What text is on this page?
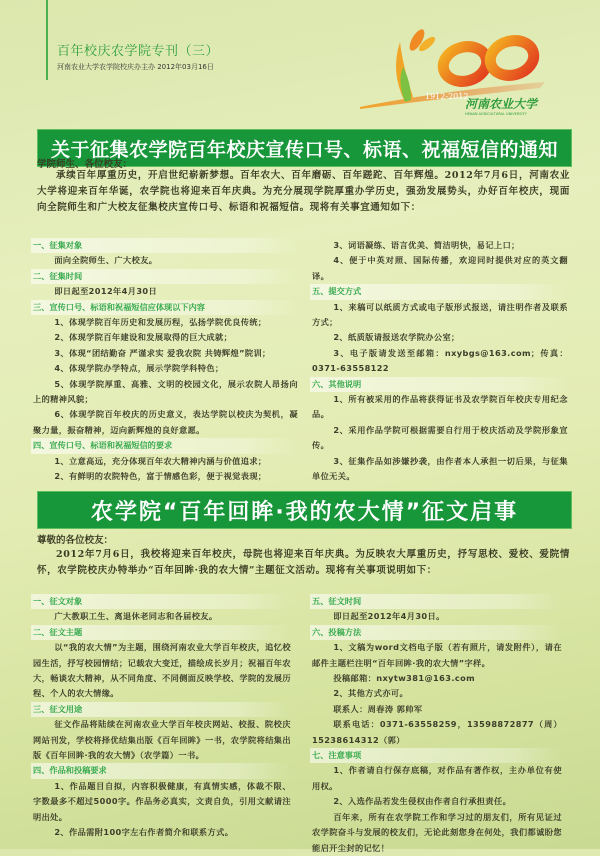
百年校庆农学院专刊（三）
河南农业大学农学院校庆办主办 2012年03月16日
1912-2012
河南农业大学
HENAN AGRICULTURAL UNIVERSITY
关于征集农学院百年校庆宣传口号、标语、祝福短信的通知
学院师生、各位校友：
承续百年厚重历史，开启世纪崭新梦想。百年农大、百年磨砺、百年蹉跎、百年辉煌。2012年7月6日，河南农业大学将迎来百年华诞，农学院也将迎来百年庆典。为充分展现学院厚重办学历史，强劲发展势头，办好百年校庆，现面向全院师生和广大校友征集校庆宣传口号、标语和祝福短信。现将有关事宜通知如下：
一、征集对象
面向全院师生、广大校友。
二、征集时间
即日起至2012年4月30日
三、宣传口号、标语和祝福短信应体现以下内容
1、体现学院百年历史和发展历程，弘扬学院优良传统；
2、体现学院百年建设和发展取得的巨大成就；
3、体现“团结勤奋 严谨求实 爱我农院 共铸辉煌”院训；
4、体现学院办学特点，展示学院学科特色；
5、体现学院厚重、高雅、文明的校园文化，展示农院人昂扬向上的精神风貌；
6、体现学院百年校庆的历史意义，表达学院以校庆为契机，凝聚力量，振奋精神，迈向新辉煌的良好意愿。
四、宣传口号、标语和祝福短信的要求
1、立意高远，充分体现百年农大精神内涵与价值追求；
2、有鲜明的农院特色，富于情感色彩，便于视觉表现；
3、词语凝练、语言优美、简洁明快，易记上口；
4、便于中英对照、国际传播，欢迎同时提供对应的英文翻译。
五、提交方式
1、来稿可以纸质方式或电子版形式报送，请注明作者及联系方式；
2、纸质版请报送农学院办公室；
3、电子版请发送至邮箱：nxybgs@163.com；传真：0371-63558122
六、其他说明
1、所有被采用的作品将获得证书及农学院百年校庆专用纪念品。
2、采用作品学院可根据需要自行用于校庆活动及学院形象宣传。
3、征集作品如涉嫌抄袭，由作者本人承担一切后果，与征集单位无关。
农学院“百年回眸·我的农大情”征文启事
尊敬的各位校友：
2012年7月6日，我校将迎来百年校庆，母院也将迎来百年庆典。为反映农大厚重历史，抒写思校、爱校、爱院情怀，农学院校庆办特举办“百年回眸·我的农大情”主题征文活动。现将有关事项说明如下：
一、征文对象
广大教职工生、离退休老同志和各届校友。
二、征文主题
以“我的农大情”为主题，围绕河南农业大学百年校庆，追忆校园生活，抒写校园情结；记载农大变迁，描绘成长岁月；祝福百年农大，畅谈农大精神，从不同角度、不同侧面反映学校、学院的发展历程、个人的农大情缘。
三、征文用途
征文作品将陆续在河南农业大学百年校庆网站、校报、院校庆网站刊发，学校将择优结集出版《百年回眸》一书，农学院将结集出版《百年回眸·我的农大情》（农学篇）一书。
四、作品和投稿要求
1、作品题目自拟，内容积极健康，有真情实感，体裁不限、字数最多不超过5000字。作品务必真实，文责自负，引用文献请注明出处。
2、作品需附100字左右作者简介和联系方式。
五、征文时间
即日起至2012年4月30日。
六、投稿方法
1、文稿为word文档电子版（若有照片，请发附件），请在邮件主题栏注明“百年回眸·我的农大情”字样。
投稿邮箱：nxytw381@163.com
2、其他方式亦可。
联系人：周春涛 郭帅军
联系电话：0371-63558259，13598872877（周）15238614312（郭）
七、注意事项
1、作者请自行保存底稿，对作品有著作权，主办单位有使用权。
2、入选作品若发生侵权由作者自行承担责任。
百年来，所有在农学院工作和学习过的朋友们，所有见证过农学院奋斗与发展的校友们，无论此刻您身在何处，我们都诚盼您能启开尘封的记忆！
